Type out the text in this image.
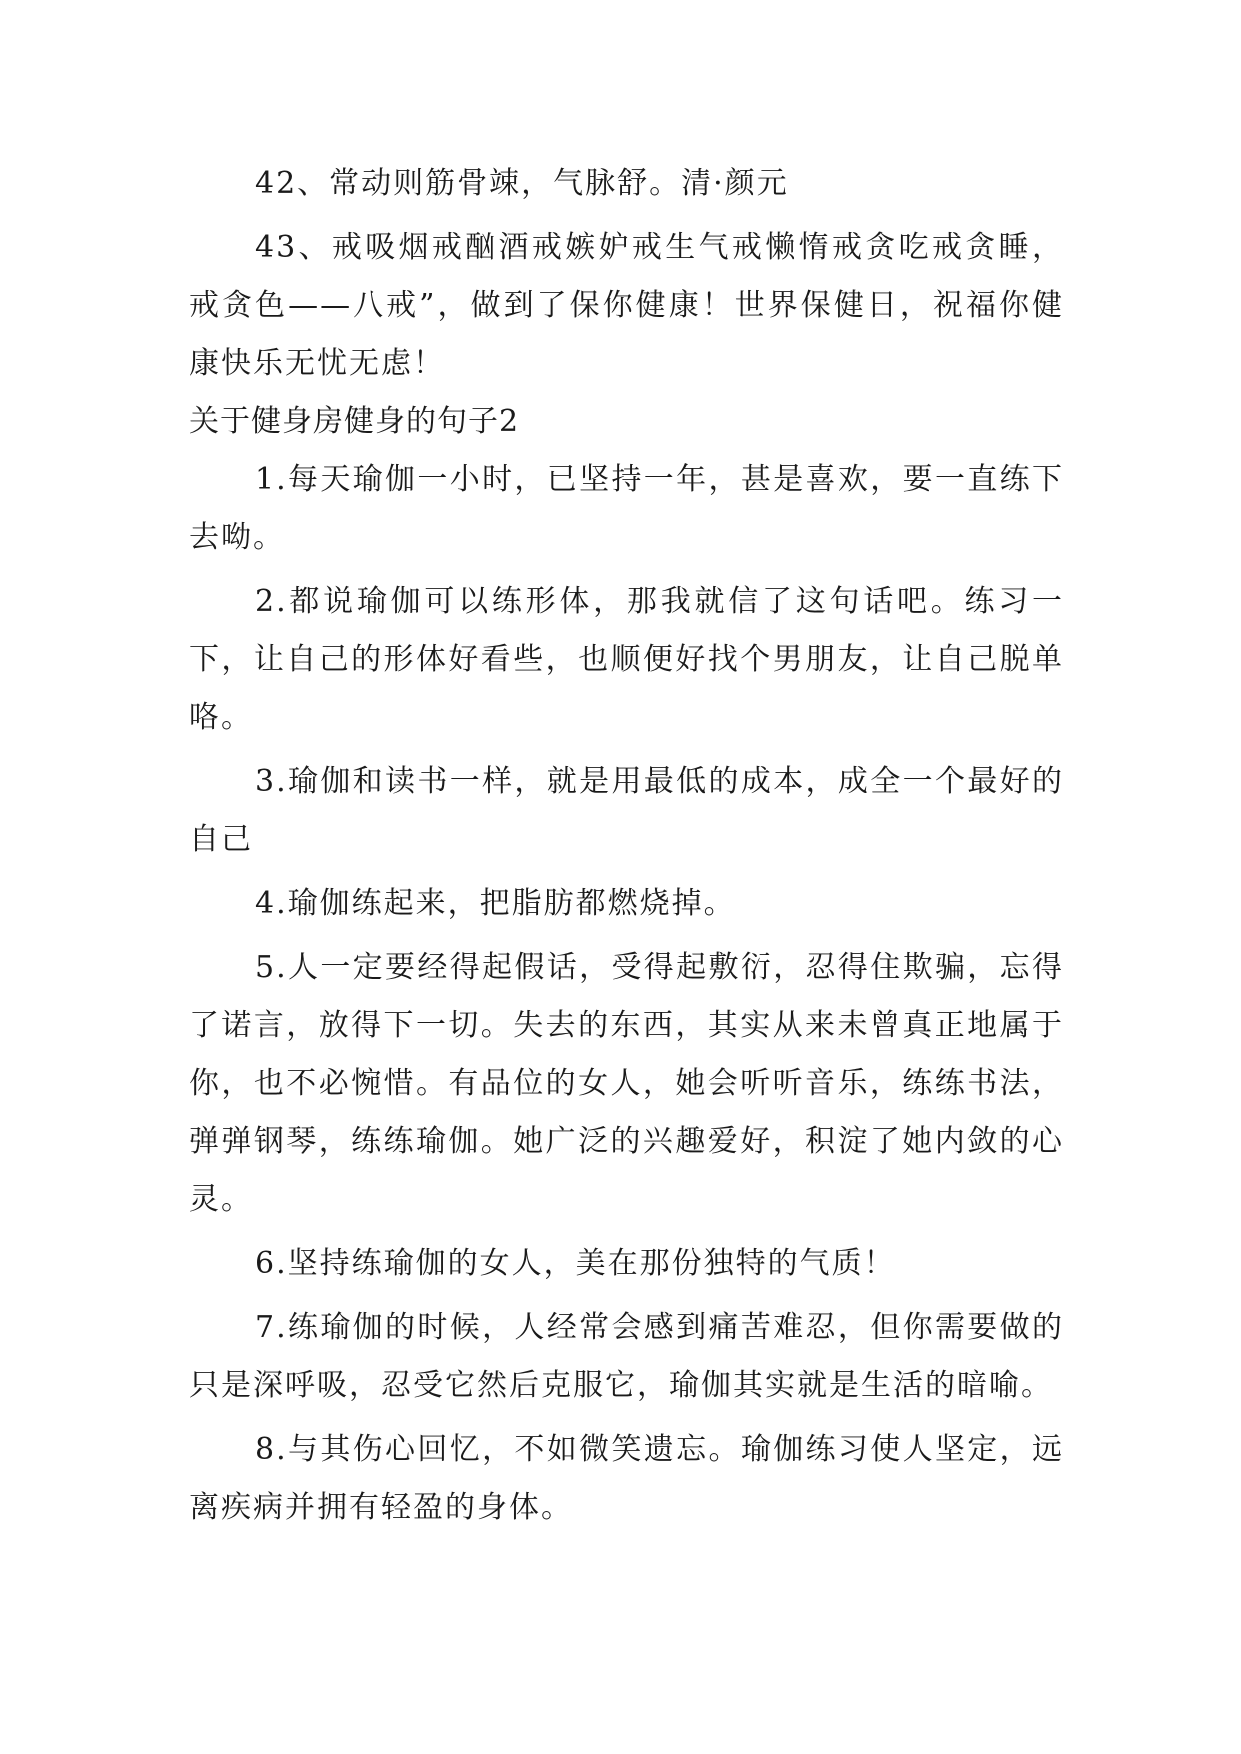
42、常动则筋骨竦，气脉舒。清·颜元

43、戒吸烟戒酗酒戒嫉妒戒生气戒懒惰戒贪吃戒贪睡，戒贪色——八戒”，做到了保你健康！世界保健日，祝福你健康快乐无忧无虑！

关于健身房健身的句子2

1.每天瑜伽一小时，已坚持一年，甚是喜欢，要一直练下去呦。

2.都说瑜伽可以练形体，那我就信了这句话吧。练习一下，让自己的形体好看些，也顺便好找个男朋友，让自己脱单咯。

3.瑜伽和读书一样，就是用最低的成本，成全一个最好的自己

4.瑜伽练起来，把脂肪都燃烧掉。

5.人一定要经得起假话，受得起敷衍，忍得住欺骗，忘得了诺言，放得下一切。失去的东西，其实从来未曾真正地属于你，也不必惋惜。有品位的女人，她会听听音乐，练练书法，弹弹钢琴，练练瑜伽。她广泛的兴趣爱好，积淀了她内敛的心灵。

6.坚持练瑜伽的女人，美在那份独特的气质！

7.练瑜伽的时候，人经常会感到痛苦难忍，但你需要做的只是深呼吸，忍受它然后克服它，瑜伽其实就是生活的暗喻。

8.与其伤心回忆，不如微笑遗忘。瑜伽练习使人坚定，远离疾病并拥有轻盈的身体。
